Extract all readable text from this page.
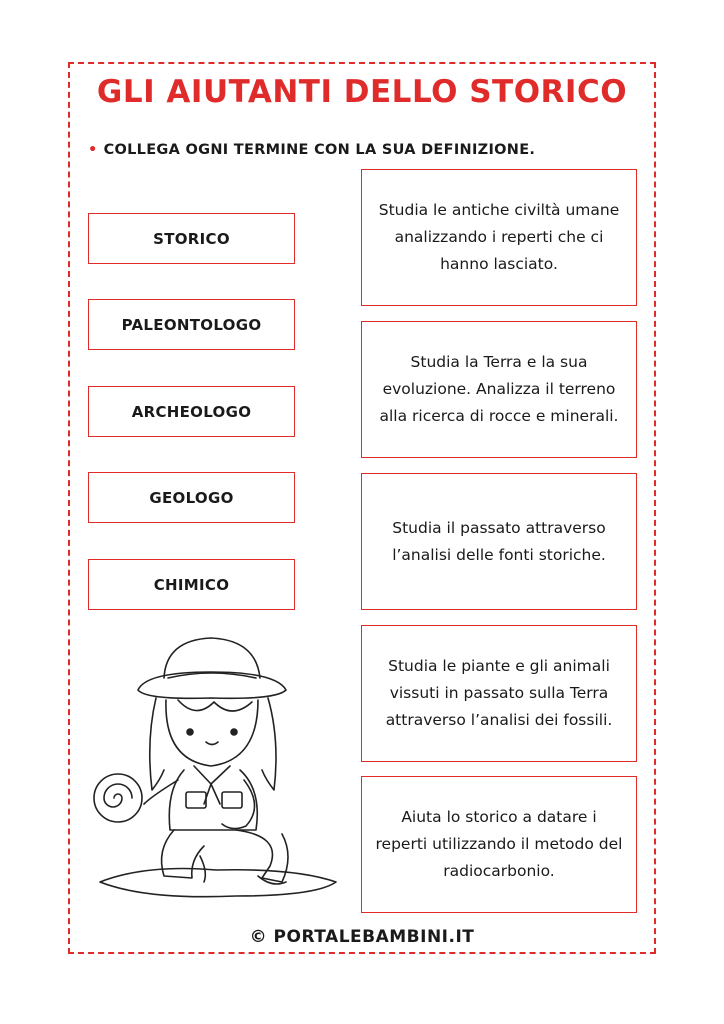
GLI AIUTANTI DELLO STORICO
• COLLEGA OGNI TERMINE CON LA SUA DEFINIZIONE.
STORICO
PALEONTOLOGO
ARCHEOLOGO
GEOLOGO
CHIMICO
Studia le antiche civiltà umane analizzando i reperti che ci hanno lasciato.
Studia la Terra e la sua evoluzione. Analizza il terreno alla ricerca di rocce e minerali.
Studia il passato attraverso l’analisi delle fonti storiche.
Studia le piante e gli animali vissuti in passato sulla Terra attraverso l’analisi dei fossili.
Aiuta lo storico a datare i reperti utilizzando il metodo del radiocarbonio.
© PORTALEBAMBINI.IT
